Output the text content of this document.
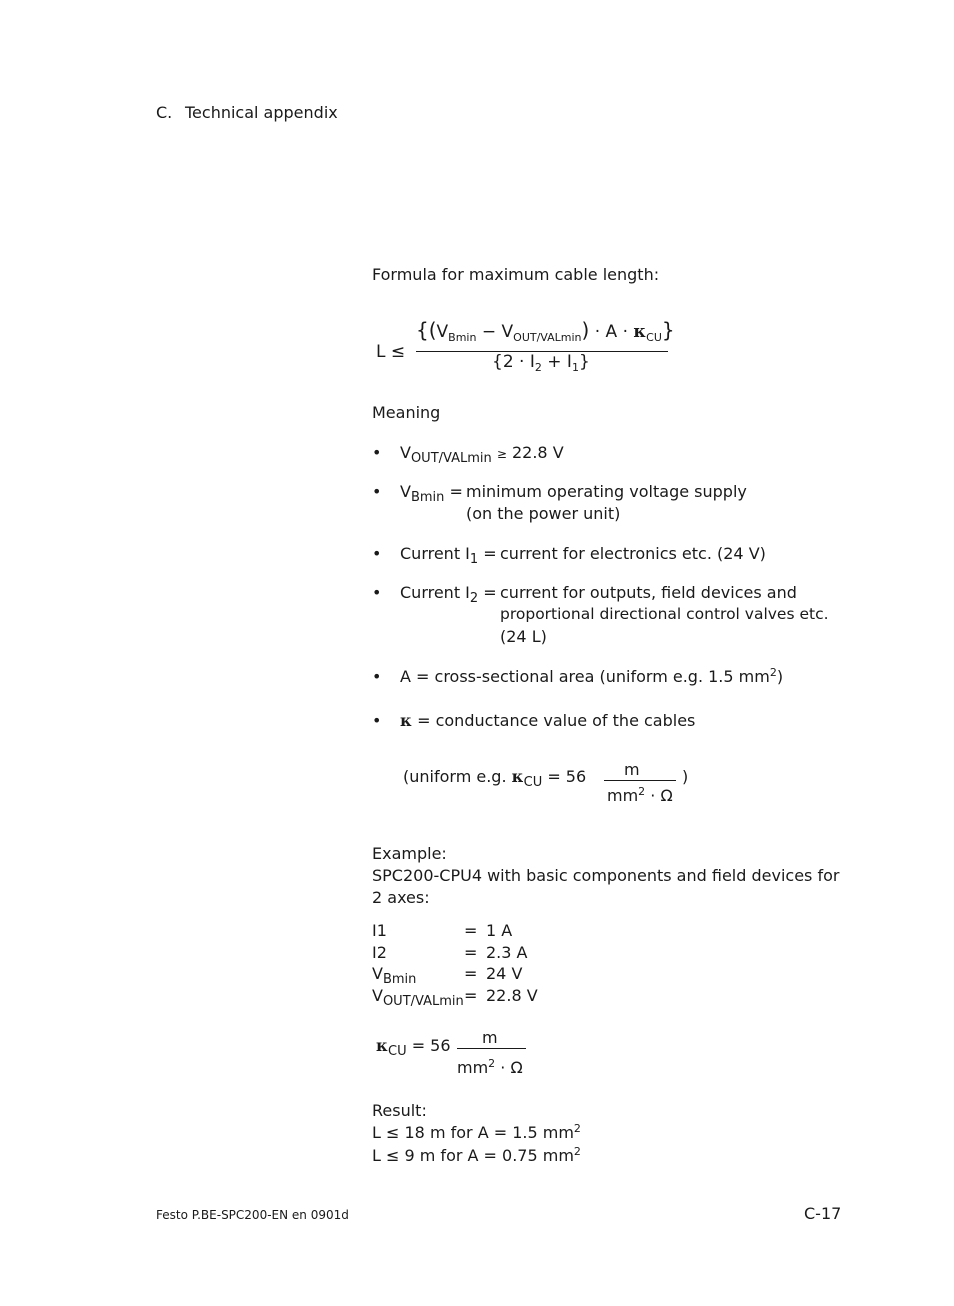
C. Technical appendix
Formula for maximum cable length:
L ≤
$\{(V_{Bmin} - V_{OUT/VALmin}) \cdot A \cdot \kappa_{CU}\}$
$\{2 \cdot I_2 + I_1\}$
Meaning
• $V_{OUT/VALmin} \ge 22.8$ V
• $V_{Bmin}$ = minimum operating voltage supply
(on the power unit)
• Current $I_1$ = current for electronics etc. (24 V)
• Current $I_2$ = current for outputs, field devices and
proportional directional control valves etc.
(24 L)
• A = cross-sectional area (uniform e.g. 1.5 $mm^2$)
• κ = conductance value of the cables
(uniform e.g. $\kappa_{CU} = 56$ m
$mm^2 \cdot \Omega$
)
Example:
SPC200-CPU4 with basic components and field devices for
2 axes:
I1	= 1 A
I2	= 2.3 A
$V_{Bmin}$	= 24 V
$V_{OUT/VALmin} = 22.8$ V
$\kappa_{CU} = 56$ m
$mm^2 \cdot \Omega$
Result:
L ≤ 18 m for A = 1.5 $mm^2$
L ≤ 9 m for A = 0.75 $mm^2$
Festo P.BE-SPC200-EN en 0901d	C-17
